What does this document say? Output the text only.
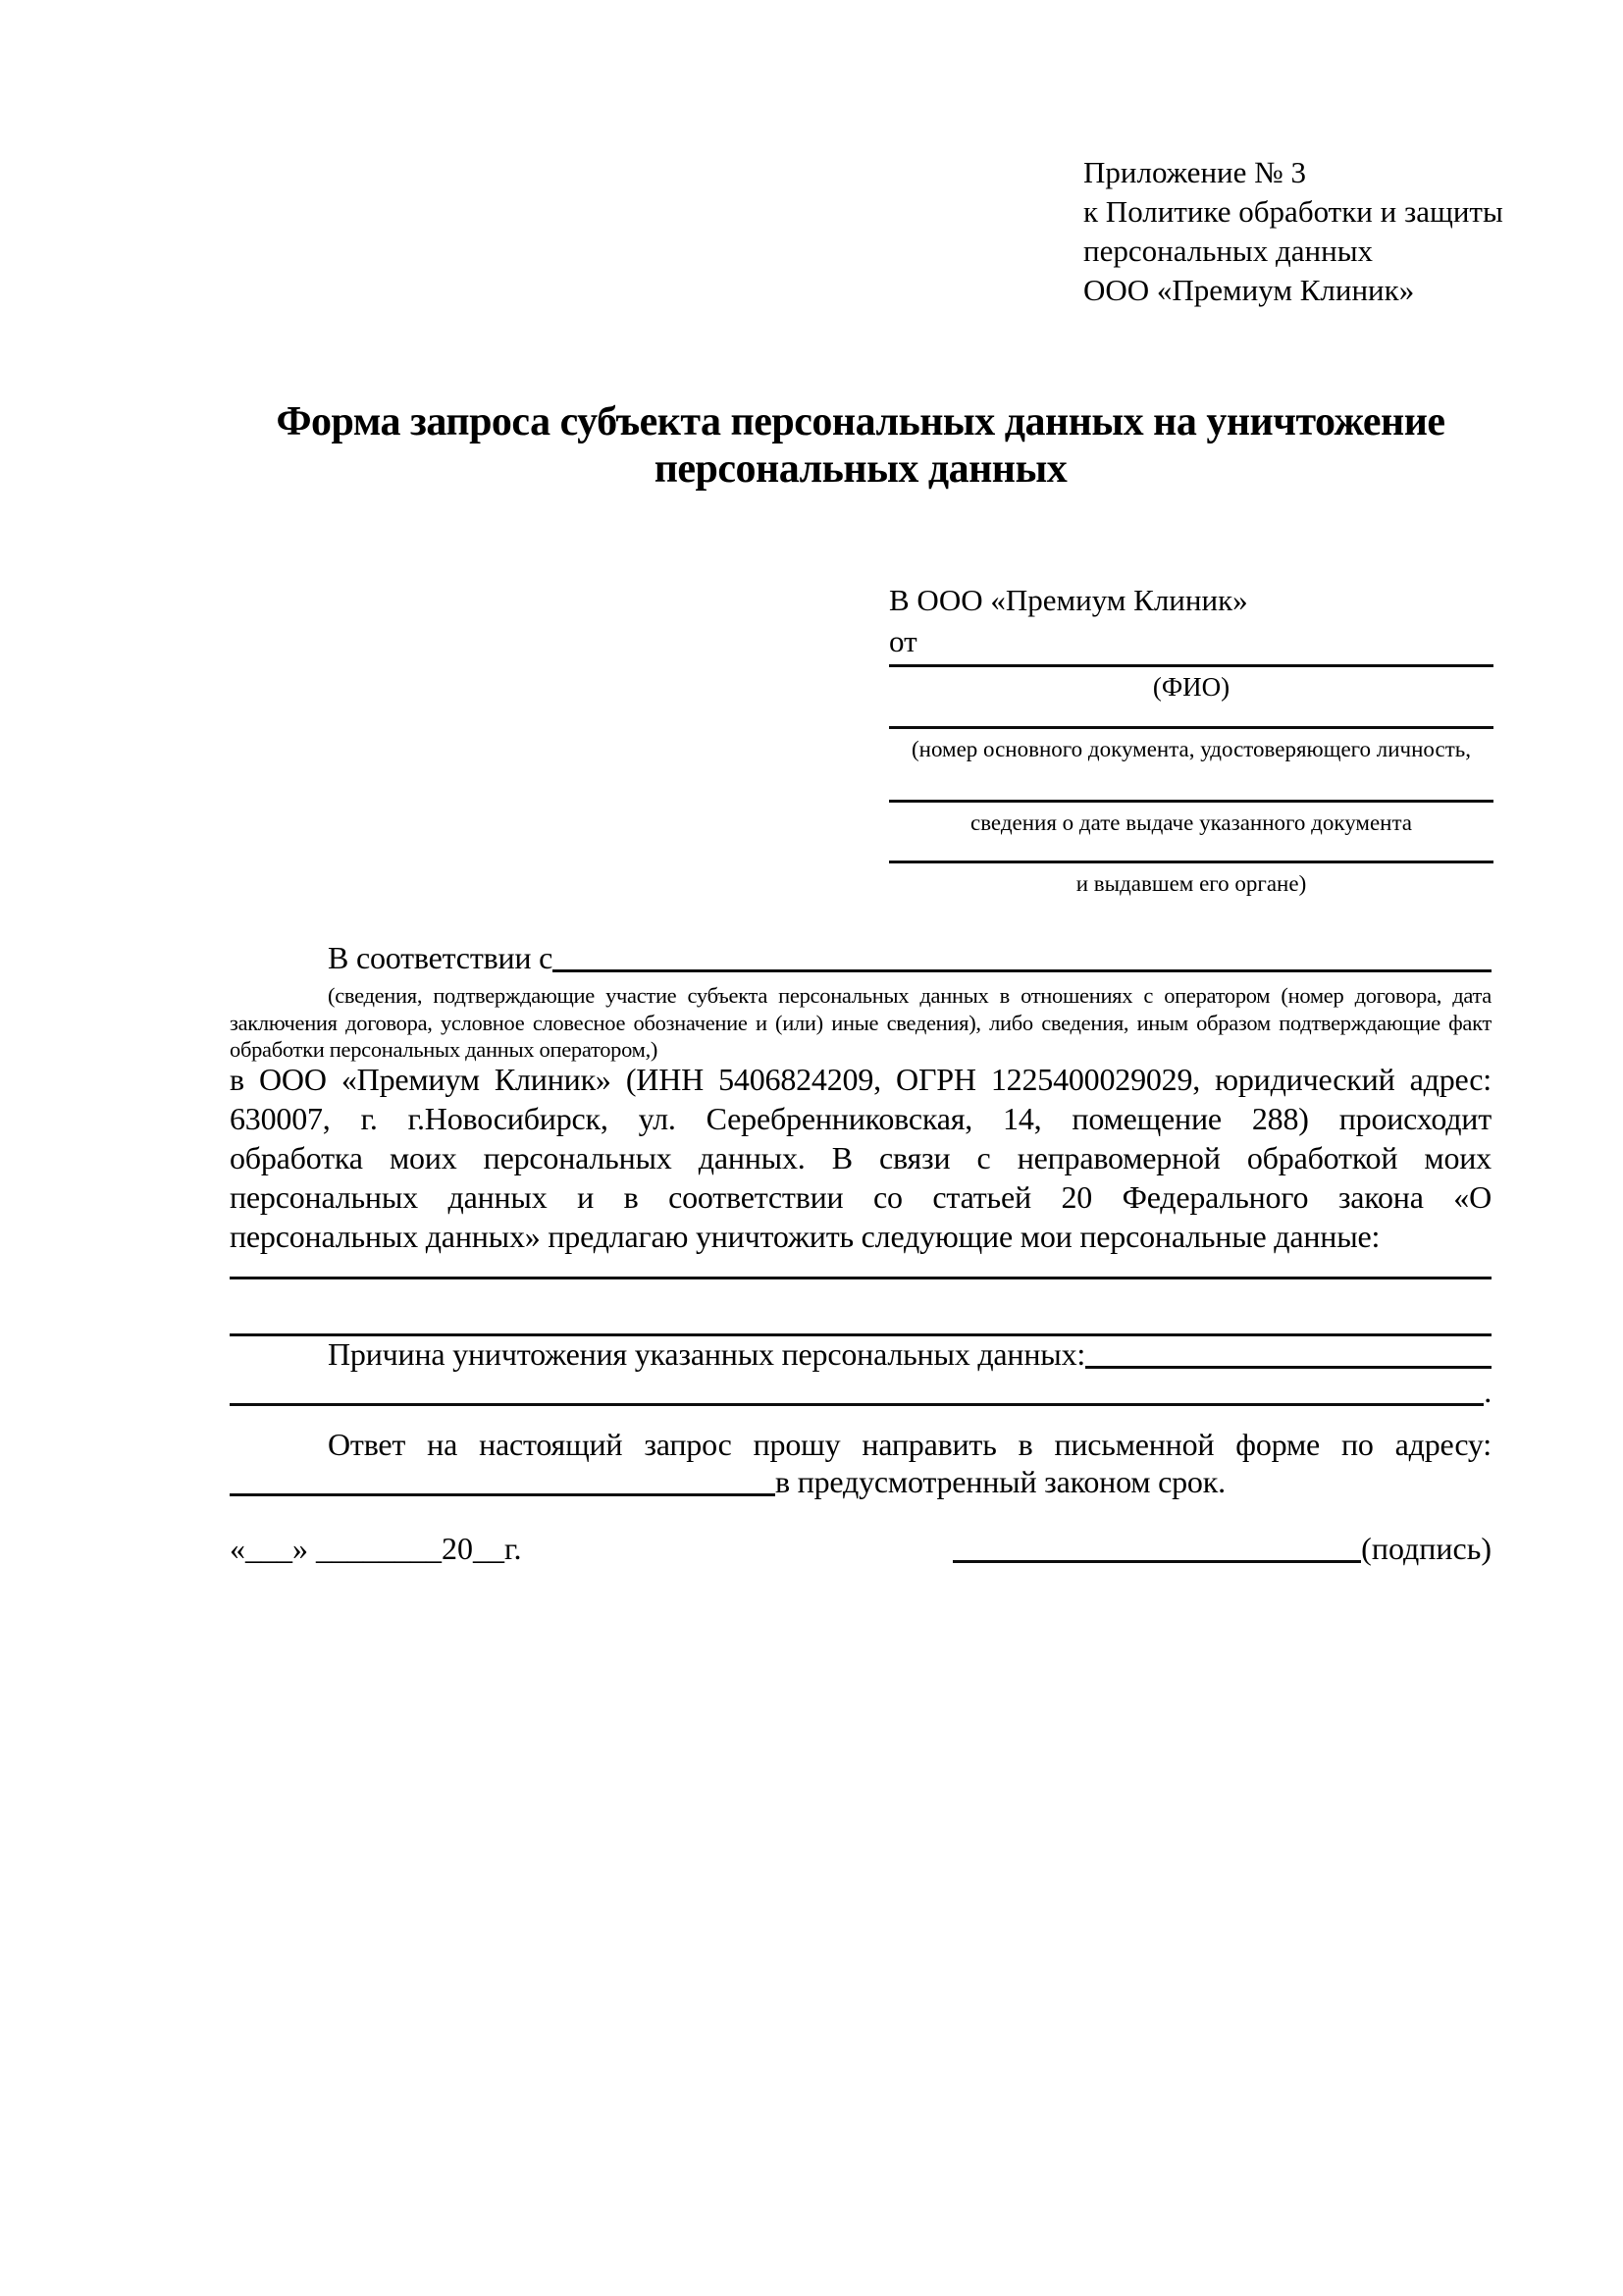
Приложение № 3
к Политике обработки и защиты
персональных данных
ООО «Премиум Клиник»
Форма запроса субъекта персональных данных на уничтожение
персональных данных
В ООО «Премиум Клиник»
от
(ФИО)
(номер основного документа, удостоверяющего личность,
сведения о дате выдаче указанного документа
и выдавшем его органе)
В соответствии с
(сведения, подтверждающие участие субъекта персональных данных в отношениях с оператором (номер договора, дата
заключения договора, условное словесное обозначение и (или) иные сведения), либо сведения, иным образом подтверждающие факт
обработки персональных данных оператором,)
в ООО «Премиум Клиник» (ИНН 5406824209, ОГРН 1225400029029, юридический адрес:
630007, г. г.Новосибирск, ул. Серебренниковская, 14, помещение 288) происходит
обработка моих персональных данных. В связи с неправомерной обработкой моих
персональных данных и в соответствии со статьей 20 Федерального закона «О
персональных данных» предлагаю уничтожить следующие мои персональные данные:
Причина уничтожения указанных персональных данных:
.
Ответ на настоящий запрос прошу направить в письменной форме по адресу:
в предусмотренный законом срок.
«___» ________20__г.	(подпись)
